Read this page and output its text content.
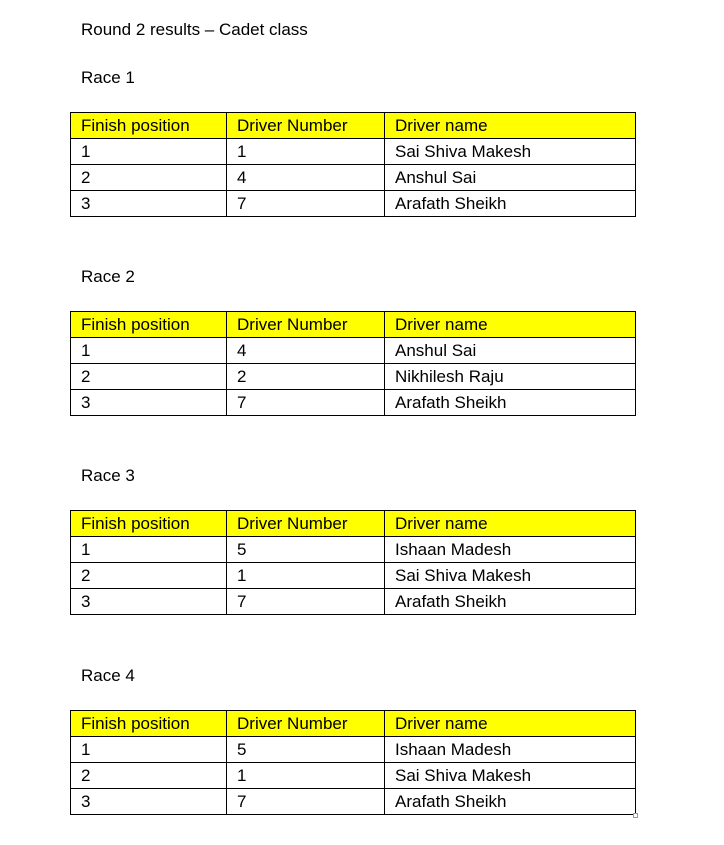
Round 2 results – Cadet class
Race 1
Finish position	Driver Number	Driver name
1	1	Sai Shiva Makesh
2	4	Anshul Sai
3	7	Arafath Sheikh
Race 2
Finish position	Driver Number	Driver name
1	4	Anshul Sai
2	2	Nikhilesh Raju
3	7	Arafath Sheikh
Race 3
Finish position	Driver Number	Driver name
1	5	Ishaan Madesh
2	1	Sai Shiva Makesh
3	7	Arafath Sheikh
Race 4
Finish position	Driver Number	Driver name
1	5	Ishaan Madesh
2	1	Sai Shiva Makesh
3	7	Arafath Sheikh
